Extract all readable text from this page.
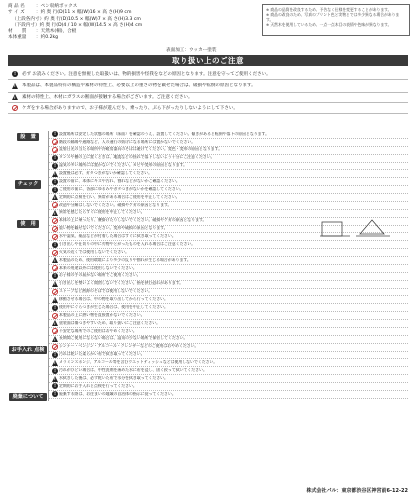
商 品 名	：ペン収納ボックス
サ イ ズ	：約 奥 行(D)11 × 幅(W)16 × 高 さ(H)9 cm
（上段各内寸） 約 奥 行(D)10.5 × 幅(W)7 × 高 さ(H)3.3 cm
（下段内寸） 約 奥 行(D)4 / 10 × 幅(W)14.5 × 高 さ(H)4 cm
材　　質	：天然木(桐)，合板
本体重量	：約0.2kg
表面加工：ウッカー塗装
※ 商品の品質を改良するため、予告なく仕様を変更することがあります。
※ 商品の改良のため、写真のプリント色と実物とでは多少異なる場合があります。
※ 天然木を使用しているため、一点一点木目の表情や色味が異なります。
取り扱い上のご注意
!	必ず お読みください。注意を無視した取扱いは、物的損害や怪我をなどの原因となります。注意を守ってご使用ください。
! 本製品は、本製品特有の構造や素材の特性上、必要以上の重さの物を載せた場合は、破損や転倒の原因となります。
! 素材の特性上、木材にガラスの断面が接触する場合がございます。ご注意ください。
ケガをする場合がありますので、お子様が遊んだり、乗ったり、ぶら下がったりしないようにして下さい。
設　置
! 設置場所は安定した状態の場所（床面）を確認のうえ、設置してください。傾きがあると転倒や落下の原因となります。
階段の踊場や通路など、人の通行の妨げになる場所には置かないでください。
直射日光の当たる場所や冷暖房器具のそばは避けてください。変色・変形の原因となります。
! タンスや棚の上に置くときは、地震などの揺れで落下しないよう十分にご注意ください。
! 湿気の多い場所には置かないでください。カビや変形の原因となります。
! 設置後は必ず、ガタつきがないか確認してください。
チェック
! 設置の前に、本体にキズや汚れ、割れなどがないかご確認ください。
! ご使用の前に、各部にゆるみやガタつきがないかを確認してください。
! 定期的に点検を行い、異常がある場合はご使用を中止してください。
改造や分解はしないでください。破損やケガの原因となります。
! 異常を感じたらすぐに使用を中止してください。
使　用
本体の上に乗ったり、腰掛けたりしないでください。破損やケガの原因となります。
重い物を載せないでください。変形や破損の原因となります。
水や湿気、薬品などが付着した場合はすぐに拭き取ってください。
! 引き出しや仕切りの中に刃物やとがったものを入れる場合はご注意ください。
火気の近くでは使用しないでください。
! 木製品のため、使用環境により多少の反りや割れが生じる場合があります。
本来の用途以外には使用しないでください。
! お子様の手の届かない場所でご使用ください。
! 引き出しを勢いよく開閉しないでください。指を挟む恐れがあります。
ストーブなど熱源のそばでは使用しないでください。
! 移動させる場合は、中の物を取り出してから行ってください。
! 使用中にぐらつきが生じた場合は、使用を中止してください。
本製品の上に熱い物を直接置かないでください。
! 塗装面は傷つきやすいため、取り扱いにご注意ください。
不安定な場所でのご使用はおやめください。
! 長期間ご使用にならない場合は、湿気の少ない場所で保管してください。
お手入れ 点検
シンナー・ベンジン・アルコール・クレンザーなどのご使用はおやめください。
! 汚れは乾いた柔らかい布で拭き取ってください。
! メラミンスポンジ、アルコール等を含むウエットティッシュなどは使用しないでください。
! 汚れがひどい場合は、中性洗剤を薄めた水に布を浸し、固く絞って拭いてください。
! 水拭きした後は、必ず乾いた布で水分を拭き取ってください。
! 定期的にお手入れと点検を行ってください。
廃棄について
! 廃棄する際は、お住まいの地域の自治体の指示に従ってください。
株式会社パル：東京都渋谷区神宮前6-12-22
